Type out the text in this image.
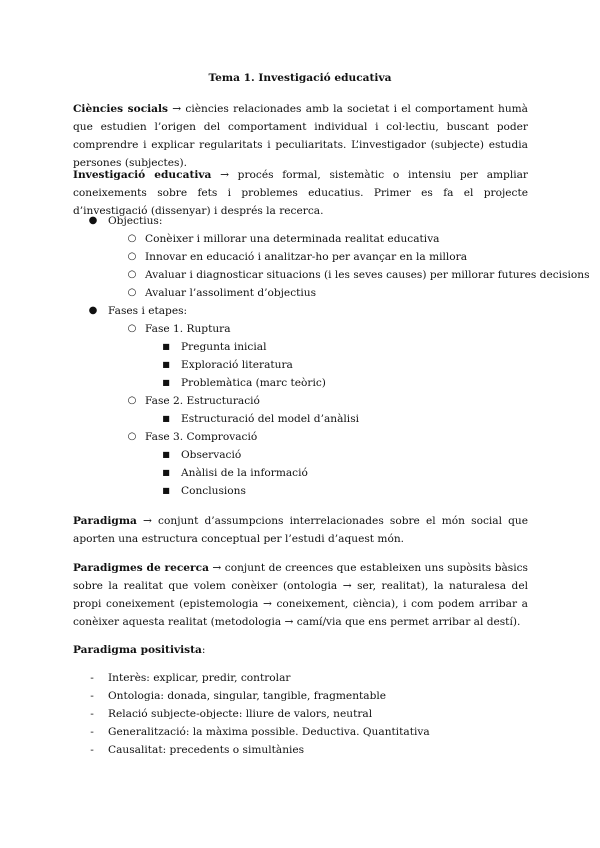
Tema 1. Investigació educativa

Ciències socials → ciències relacionades amb la societat i el comportament humà que estudien l’origen del comportament individual i col·lectiu, buscant poder comprendre i explicar regularitats i peculiaritats. L’investigador (subjecte) estudia persones (subjectes).

Investigació educativa → procés formal, sistemàtic o intensiu per ampliar coneixements sobre fets i problemes educatius. Primer es fa el projecte d’investigació (dissenyar) i després la recerca.

● Objectius:
○ Conèixer i millorar una determinada realitat educativa
○ Innovar en educació i analitzar-ho per avançar en la millora
○ Avaluar i diagnosticar situacions (i les seves causes) per millorar futures decisions
○ Avaluar l’assoliment d’objectius
● Fases i etapes:
○ Fase 1. Ruptura
■ Pregunta inicial
■ Exploració literatura
■ Problemàtica (marc teòric)
○ Fase 2. Estructuració
■ Estructuració del model d’anàlisi
○ Fase 3. Comprovació
■ Observació
■ Anàlisi de la informació
■ Conclusions

Paradigma → conjunt d’assumpcions interrelacionades sobre el món social que aporten una estructura conceptual per l’estudi d’aquest món.

Paradigmes de recerca → conjunt de creences que estableixen uns supòsits bàsics sobre la realitat que volem conèixer (ontologia → ser, realitat), la naturalesa del propi coneixement (epistemologia → coneixement, ciència), i com podem arribar a conèixer aquesta realitat (metodologia → camí/via que ens permet arribar al destí).

Paradigma positivista:

-	Interès: explicar, predir, controlar
-	Ontologia: donada, singular, tangible, fragmentable
-	Relació subjecte-objecte: lliure de valors, neutral
-	Generalització: la màxima possible. Deductiva. Quantitativa
-	Causalitat: precedents o simultànies
